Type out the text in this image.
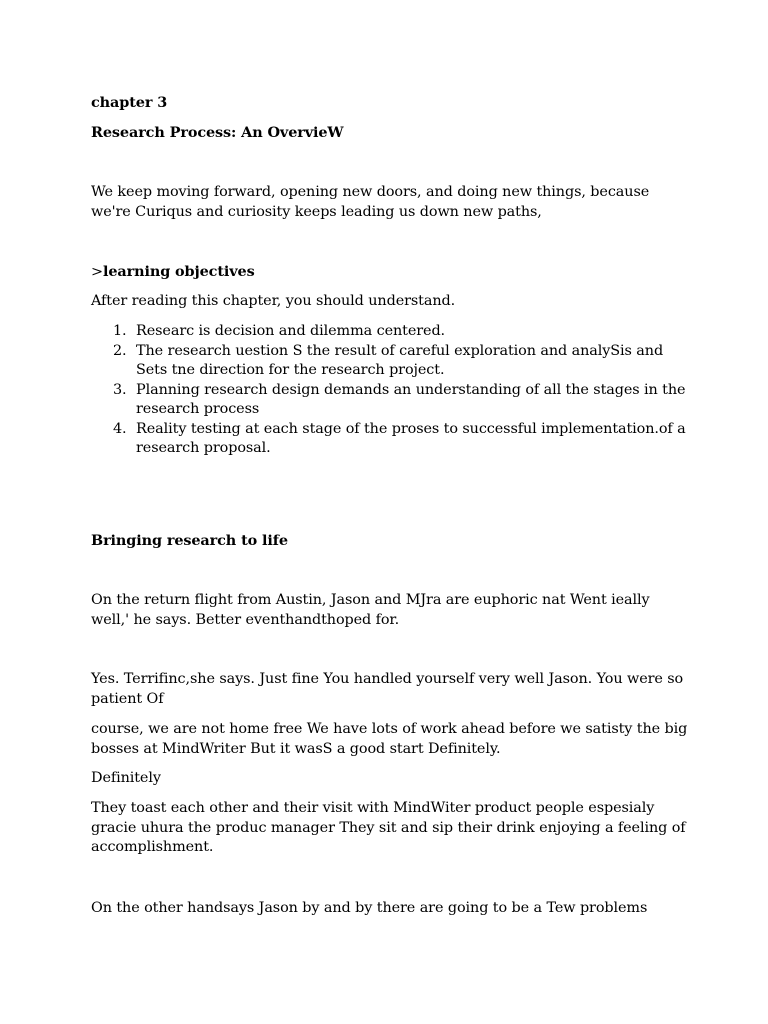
chapter 3

Research Process: An OvervieW

We keep moving forward, opening new doors, and doing new things, because we're Curiqus and curiosity keeps leading us down new paths,

>learning objectives

After reading this chapter, you should understand.

1. Researc is decision and dilemma centered.
2. The research uestion S the result of careful exploration and analySis and Sets tne direction for the research project.
3. Planning research design demands an understanding of all the stages in the research process
4. Reality testing at each stage of the proses to successful implementation.of a research proposal.

Bringing research to life

On the return flight from Austin, Jason and MJra are euphoric nat Went ieally well,' he says. Better eventhandthoped for.

Yes. Terrifinc,she says. Just fine You handled yourself very well Jason. You were so patient Of

course, we are not home free We have lots of work ahead before we satisty the big bosses at MindWriter But it wasS a good start Definitely.

Definitely

They toast each other and their visit with MindWiter product people espesialy gracie uhura the produc manager They sit and sip their drink enjoying a feeling of accomplishment.

On the other handsays Jason by and by there are going to be a Tew problems
